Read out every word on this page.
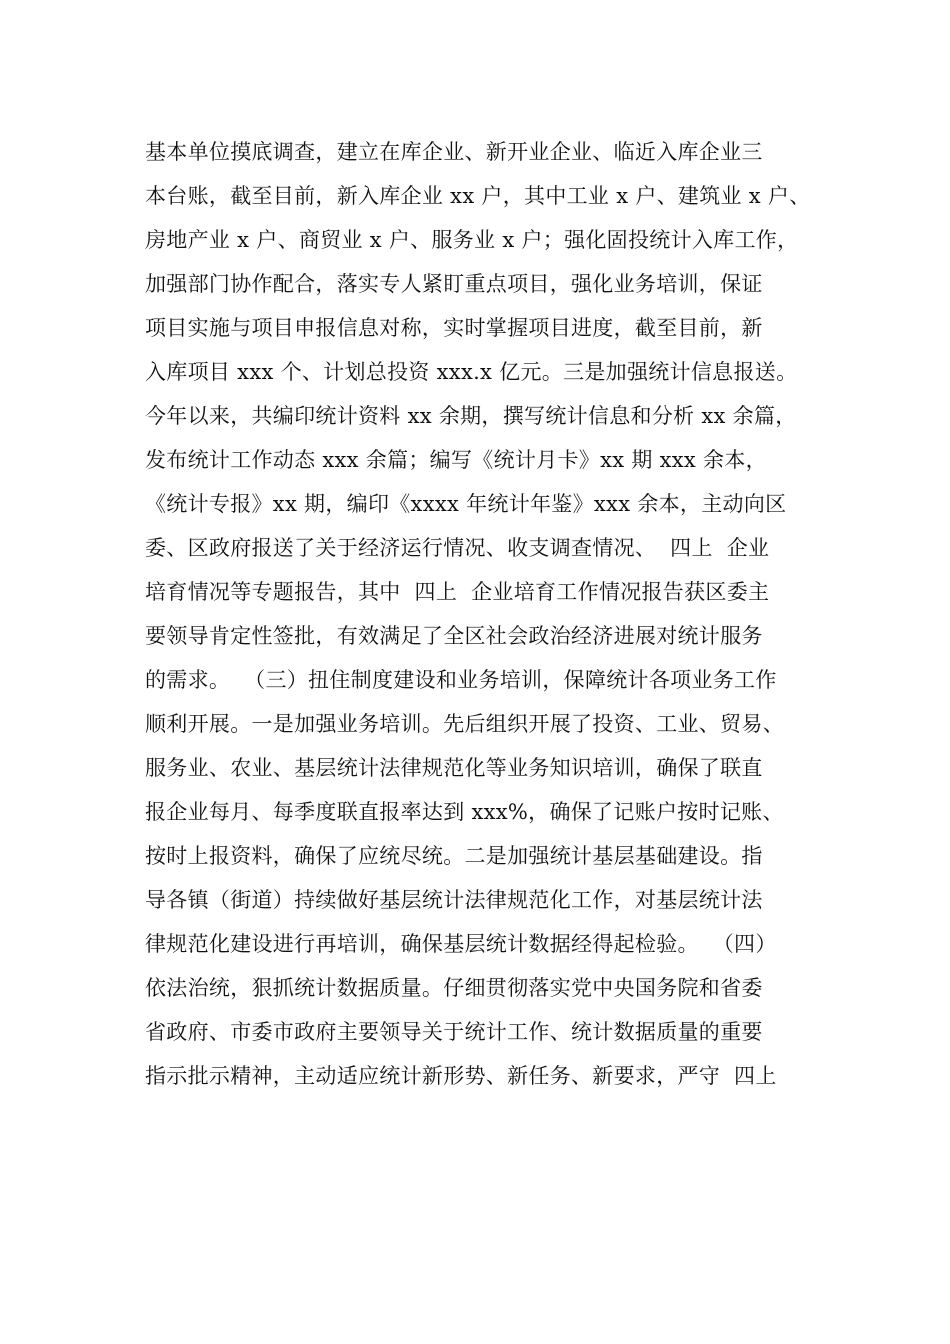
基本单位摸底调查，建立在库企业、新开业企业、临近入库企业三
本台账，截至目前，新入库企业 xx 户，其中工业 x 户、建筑业 x 户、
房地产业 x 户、商贸业 x 户、服务业 x 户；强化固投统计入库工作，
加强部门协作配合，落实专人紧盯重点项目，强化业务培训，保证
项目实施与项目申报信息对称，实时掌握项目进度，截至目前，新
入库项目 xxx 个、计划总投资 xxx.x 亿元。三是加强统计信息报送。
今年以来，共编印统计资料 xx 余期，撰写统计信息和分析 xx 余篇，
发布统计工作动态 xxx 余篇；编写《统计月卡》xx 期 xxx 余本，
《统计专报》xx 期，编印《xxxx 年统计年鉴》xxx 余本，主动向区
委、区政府报送了关于经济运行情况、收支调查情况、  四上  企业
培育情况等专题报告，其中  四上  企业培育工作情况报告获区委主
要领导肯定性签批，有效满足了全区社会政治经济进展对统计服务
的需求。  （三）扭住制度建设和业务培训，保障统计各项业务工作
顺利开展。一是加强业务培训。先后组织开展了投资、工业、贸易、
服务业、农业、基层统计法律规范化等业务知识培训，确保了联直
报企业每月、每季度联直报率达到 xxx%，确保了记账户按时记账、
按时上报资料，确保了应统尽统。二是加强统计基层基础建设。指
导各镇（街道）持续做好基层统计法律规范化工作，对基层统计法
律规范化建设进行再培训，确保基层统计数据经得起检验。  （四）
依法治统，狠抓统计数据质量。仔细贯彻落实党中央国务院和省委
省政府、市委市政府主要领导关于统计工作、统计数据质量的重要
指示批示精神，主动适应统计新形势、新任务、新要求，严守  四上
